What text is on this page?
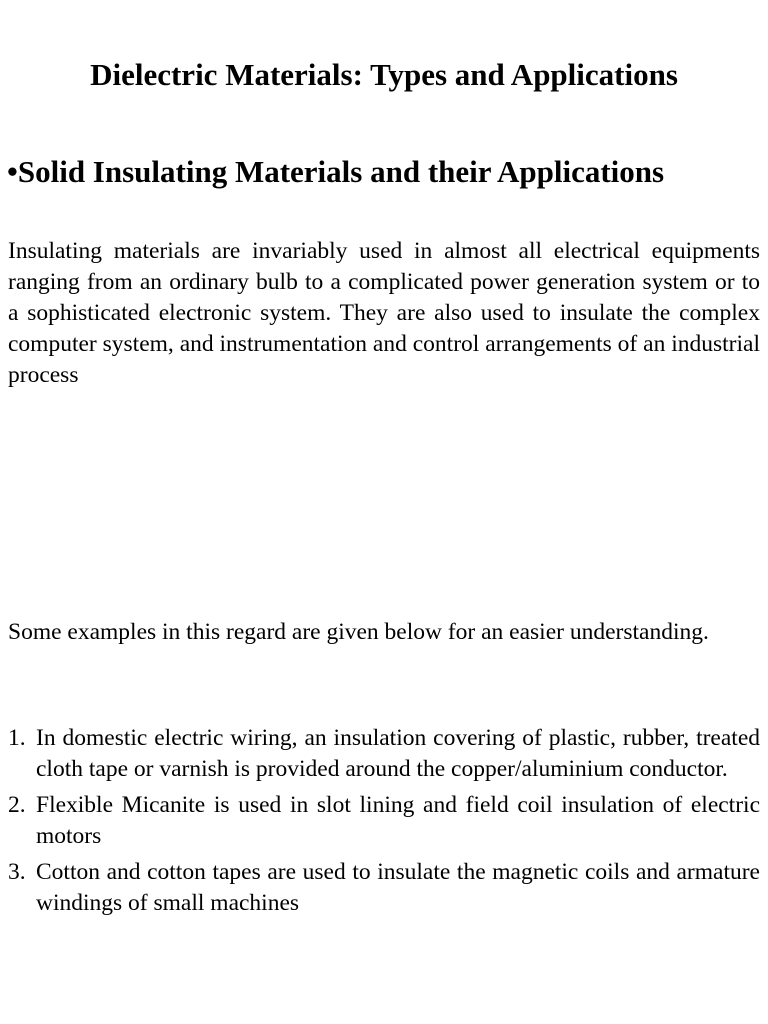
Dielectric Materials: Types and Applications
•Solid Insulating Materials and their Applications

Insulating materials are invariably used in almost all electrical equipments ranging from an ordinary bulb to a complicated power generation system or to a sophisticated electronic system. They are also used to insulate the complex computer system, and instrumentation and control arrangements of an industrial process

Some examples in this regard are given below for an easier understanding.

1. In domestic electric wiring, an insulation covering of plastic, rubber, treated cloth tape or varnish is provided around the copper/aluminium conductor.
2. Flexible Micanite is used in slot lining and field coil insulation of electric motors
3. Cotton and cotton tapes are used to insulate the magnetic coils and armature windings of small machines
